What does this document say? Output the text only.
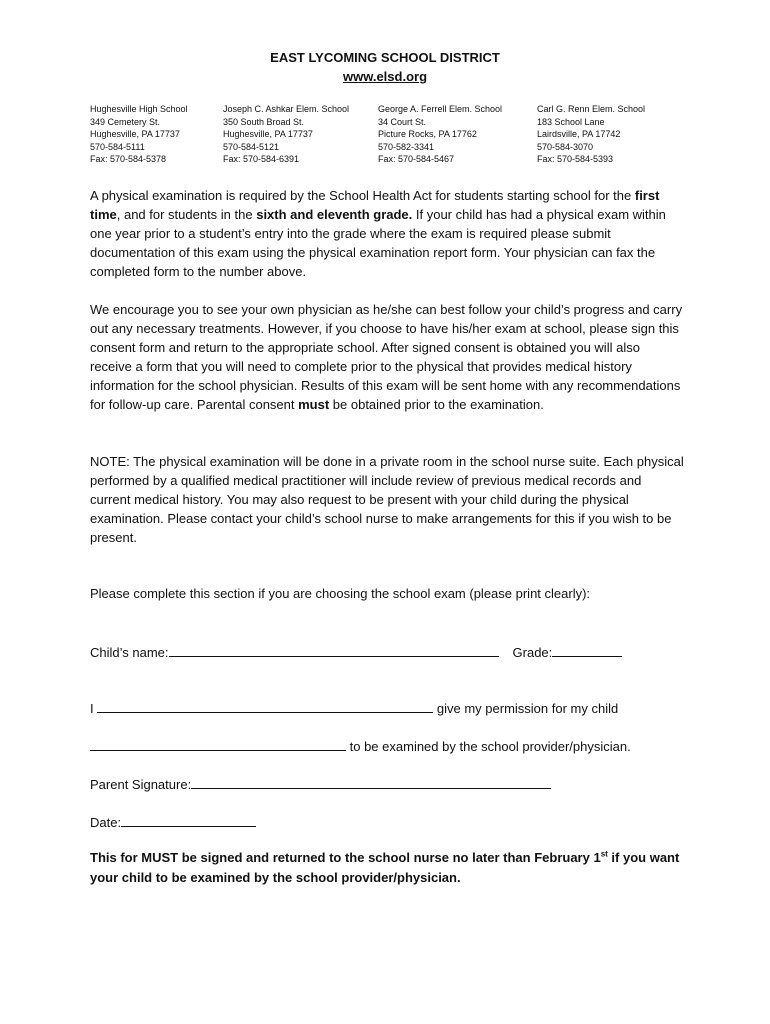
EAST LYCOMING SCHOOL DISTRICT
www.elsd.org
Hughesville High School
349 Cemetery St.
Hughesville, PA 17737
570-584-5111
Fax: 570-584-5378
Joseph C. Ashkar Elem. School
350 South Broad St.
Hughesville, PA 17737
570-584-5121
Fax: 570-584-6391
George A. Ferrell Elem. School
34 Court St.
Picture Rocks, PA 17762
570-582-3341
Fax: 570-584-5467
Carl G. Renn Elem. School
183 School Lane
Lairdsville, PA 17742
570-584-3070
Fax: 570-584-5393

A physical examination is required by the School Health Act for students starting school for the first time, and for students in the sixth and eleventh grade. If your child has had a physical exam within one year prior to a student’s entry into the grade where the exam is required please submit documentation of this exam using the physical examination report form. Your physician can fax the completed form to the number above.

We encourage you to see your own physician as he/she can best follow your child’s progress and carry out any necessary treatments. However, if you choose to have his/her exam at school, please sign this consent form and return to the appropriate school. After signed consent is obtained you will also receive a form that you will need to complete prior to the physical that provides medical history information for the school physician. Results of this exam will be sent home with any recommendations for follow-up care. Parental consent must be obtained prior to the examination.

NOTE: The physical examination will be done in a private room in the school nurse suite. Each physical performed by a qualified medical practitioner will include review of previous medical records and current medical history. You may also request to be present with your child during the physical examination. Please contact your child’s school nurse to make arrangements for this if you wish to be present.

Please complete this section if you are choosing the school exam (please print clearly):
Child’s name:	Grade:
I	give my permission for my child
to be examined by the school provider/physician.
Parent Signature:
Date:
This for MUST be signed and returned to the school nurse no later than February 1st if you want your child to be examined by the school provider/physician.
